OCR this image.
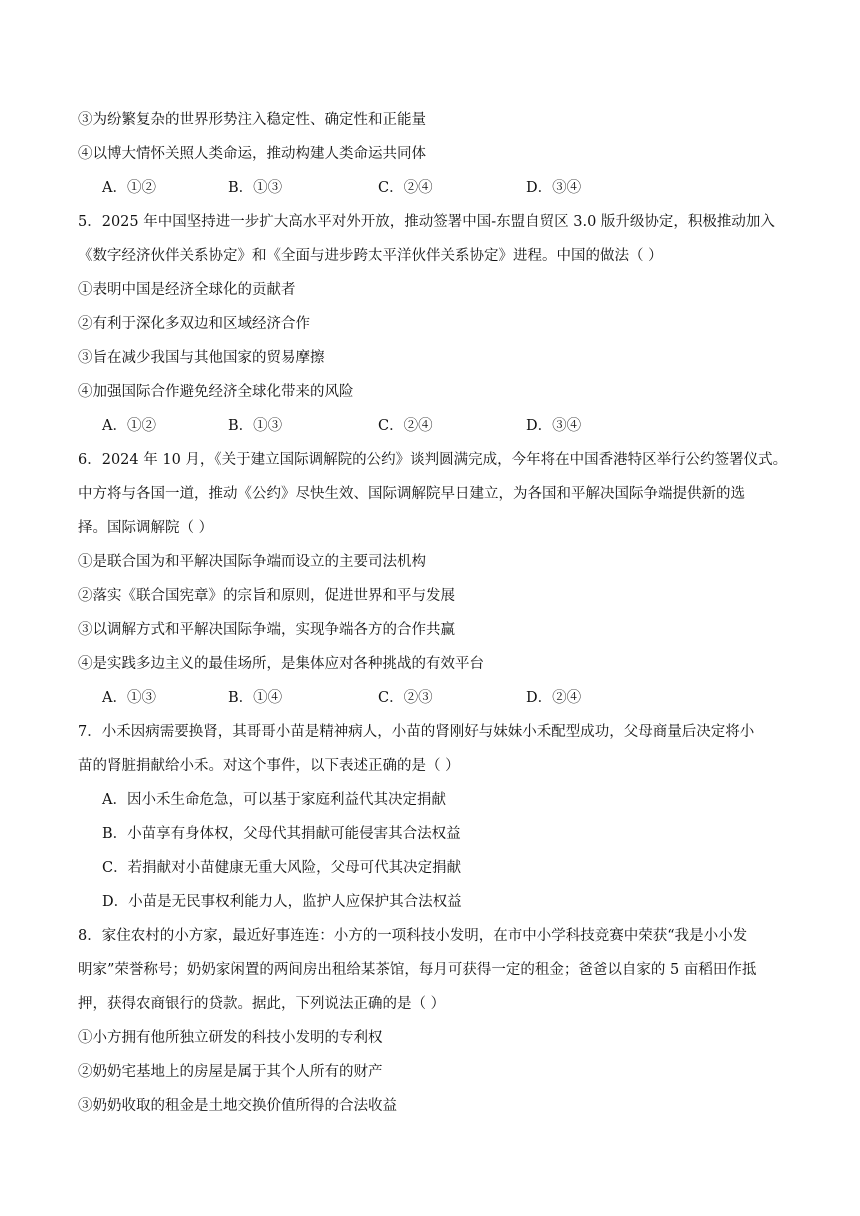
③为纷繁复杂的世界形势注入稳定性、确定性和正能量
④以博大情怀关照人类命运，推动构建人类命运共同体
A．①②	B．①③	C．②④	D．③④
5．2025 年中国坚持进一步扩大高水平对外开放，推动签署中国-东盟自贸区 3.0 版升级协定，积极推动加入
《数字经济伙伴关系协定》和《全面与进步跨太平洋伙伴关系协定》进程。中国的做法（ ）
①表明中国是经济全球化的贡献者
②有利于深化多双边和区域经济合作
③旨在减少我国与其他国家的贸易摩擦
④加强国际合作避免经济全球化带来的风险
A．①②	B．①③	C．②④	D．③④
6．2024 年 10 月，《关于建立国际调解院的公约》谈判圆满完成，今年将在中国香港特区举行公约签署仪式。
中方将与各国一道，推动《公约》尽快生效、国际调解院早日建立，为各国和平解决国际争端提供新的选
择。国际调解院（ ）
①是联合国为和平解决国际争端而设立的主要司法机构
②落实《联合国宪章》的宗旨和原则，促进世界和平与发展
③以调解方式和平解决国际争端，实现争端各方的合作共赢
④是实践多边主义的最佳场所，是集体应对各种挑战的有效平台
A．①③	B．①④	C．②③	D．②④
7．小禾因病需要换肾，其哥哥小苗是精神病人，小苗的肾刚好与妹妹小禾配型成功，父母商量后决定将小
苗的肾脏捐献给小禾。对这个事件，以下表述正确的是（ ）
A．因小禾生命危急，可以基于家庭利益代其决定捐献
B．小苗享有身体权，父母代其捐献可能侵害其合法权益
C．若捐献对小苗健康无重大风险，父母可代其决定捐献
D．小苗是无民事权利能力人，监护人应保护其合法权益
8．家住农村的小方家，最近好事连连：小方的一项科技小发明，在市中小学科技竞赛中荣获“我是小小发
明家”荣誉称号；奶奶家闲置的两间房出租给某茶馆，每月可获得一定的租金；爸爸以自家的 5 亩稻田作抵
押，获得农商银行的贷款。据此，下列说法正确的是（ ）
①小方拥有他所独立研发的科技小发明的专利权
②奶奶宅基地上的房屋是属于其个人所有的财产
③奶奶收取的租金是土地交换价值所得的合法收益
